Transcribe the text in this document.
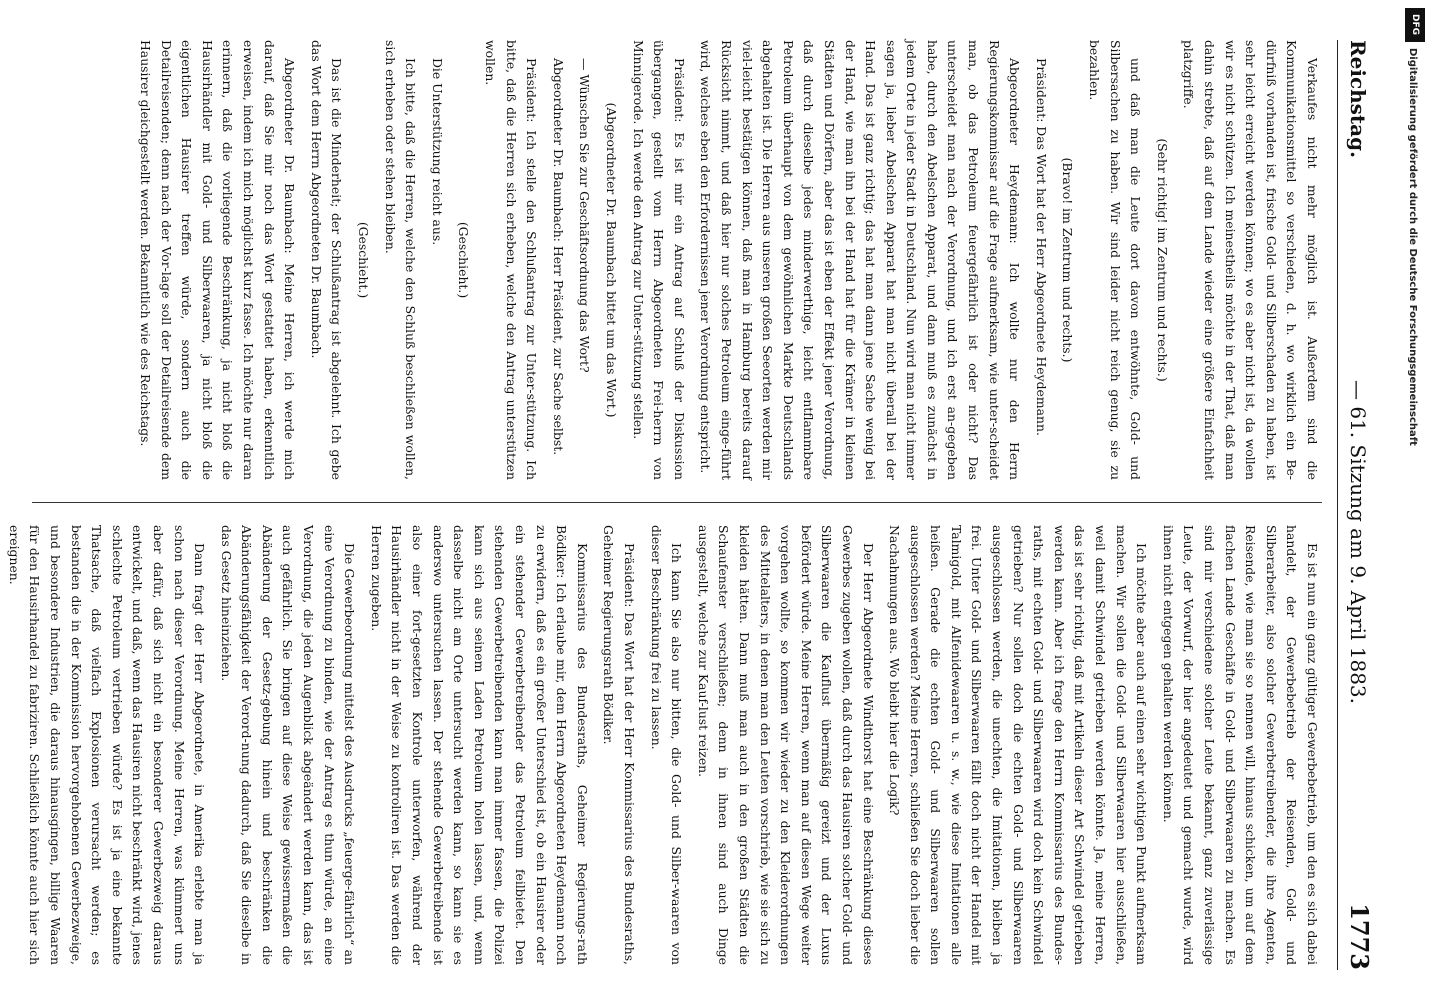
Reichstag.
— 61. Sitzung am 9. April 1883.
1773

Verkaufes nicht mehr möglich ist. Außerdem sind die Kommunikationsmittel so verschieden, d. h. wo wirklich ein Be-dürfniß vorhanden ist, frische Gold- und Silberschaden zu haben, ist sehr leicht erreicht werden können; wo es aber nicht ist, da wollen wir es nicht schützen. Ich meinestheils möchte in der That, daß man dahin strebte, daß auf dem Lande wieder eine größere Einfachheit platzgriffe.

(Sehr richtig! im Zentrum und rechts.)

und daß man die Leute dort davon entwöhnte, Gold- und Silbersachen zu haben. Wir sind leider nicht reich genug, sie zu bezahlen.

(Bravo! im Zentrum und rechts.)

Präsident: Das Wort hat der Herr Abgeordnete Heydemann.

Abgeordneter Heydemann: Ich wollte nur den Herrn Regierungskommissar auf die Frage aufmerksam, wie unter-scheidet man, ob das Petroleum feuergefährlich ist oder nicht? Das unterscheidet man nach der Verordnung, und ich erst an-gegeben habe, durch den Abelschen Apparat, und dann muß es zunächst in jedem Orte in jeder Stadt in Deutschland. Nun wird man nicht immer sagen ja, lieber Abelschen Apparat hat man nicht überall bei der Hand. Das ist ganz richtig; das hat man dann jene Sache wenig bei der Hand, wie man ihn bei der Hand hat für die Krämer in kleinen Städten und Dörfern, aber das ist eben der Effekt jener Verordnung, daß durch dieselbe jedes minderwerthige, leicht entflammbare Petroleum überhaupt von dem gewöhnlichen Markte Deutschlands abgehalten ist. Die Herren aus unseren großen Seeorten werden mir viel-leicht bestätigen können, daß man in Hamburg bereits darauf Rücksicht nimmt, und daß hier nur solches Petroleum einge-führt wird, welches eben den Erfordernissen jener Verordnung entspricht.

Präsident: Es ist mir ein Antrag auf Schluß der Diskussion übergangen, gestellt vom Herrn Abgeordneten Frei-herrn von Minnigerode. Ich werde den Antrag zur Unter-stützung stellen.

(Abgeordneter Dr. Baumbach bittet um das Wort.)

— Wünschen Sie zur Geschäftsordnung das Wort?

Abgeordneter Dr. Baumbach: Herr Präsident, zur Sache selbst.

Präsident: Ich stelle den Schlußantrag zur Unter-stützung. Ich bitte, daß die Herren sich erheben, welche den Antrag unterstützen wollen.

(Geschieht.)

Die Unterstützung reicht aus.

Ich bitte, daß die Herren, welche den Schluß beschließen wollen, sich erheben oder stehen bleiben.

(Geschieht.)

Das ist die Minderheit; der Schlußantrag ist abgelehnt. Ich gebe das Wort dem Herrn Abgeordneten Dr. Baumbach.

Abgeordneter Dr. Baumbach: Meine Herren, ich werde mich darauf, daß Sie mir noch das Wort gestattet haben, erkenntlich erweisen, indem ich mich möglichst kurz fasse. Ich möchte nur daran erinnern, daß die vorliegende Beschränkung, ja nicht bloß die Hausirhändler mit Gold- und Silberwaaren, ja nicht bloß die eigentlichen Hausirer treffen würde, sondern auch die Detailreisenden; denn nach der Vor-lage soll der Detailreisende dem Hausirer gleichgestellt werden. Bekanntlich wie des Reichstags.

Es ist nun ein ganz gültiger Gewerbebetrieb, um den es sich dabei handelt, der Gewerbebetrieb der Reisenden, Gold- und Silberarbeiter, also solcher Gewerbetreibender, die ihre Agenten, Reisende, wie man sie so nennen will, hinaus schicken, um auf dem flachen Lande Geschäfte in Gold- und Silberwaaren zu machen. Es sind mir verschiedene solcher Leute bekannt, ganz zuverlässige Leute, der Vorwurf, der hier angedeutet und gemacht wurde, wird ihnen nicht entgegen gehalten werden können.

Ich möchte aber auch auf einen sehr wichtigen Punkt aufmerksam machen. Wir sollen die Gold- und Silberwaaren hier ausschließen, weil damit Schwindel getrieben werden könnte. Ja, meine Herren, das ist sehr richtig, daß mit Artikeln dieser Art Schwindel getrieben werden kann. Aber ich frage den Herrn Kommissarius des Bundes-raths, mit echten Gold- und Silberwaaren wird doch kein Schwindel getrieben? Nur sollen doch die echten Gold- und Silberwaaren ausgeschlossen werden, die unechten, die Imitationen, bleiben ja frei. Unter Gold- und Silberwaaren fällt doch nicht der Handel mit Talmigold, mit Alfenidewaaren u. s. w., wie diese Imitationen alle heißen. Gerade die echten Gold- und Silberwaaren sollen ausgeschlossen werden? Meine Herren, schließen Sie doch lieber die Nachahmungen aus. Wo bleibt hier die Logik?

Der Herr Abgeordnete Windthorst hat eine Beschränkung dieses Gewerbes zugeben wollen, daß durch das Hausiren solcher Gold- und Silberwaaren die Kauflust übermäßig gereizt und der Luxus befördert würde. Meine Herren, wenn man auf diesen Wege weiter vorgehen wollte, so kommen wir wieder zu den Kleiderordnungen des Mittelalters, in denen man den Leuten vorschrieb, wie sie sich zu kleiden hätten. Dann muß man auch in den großen Städten die Schaufenster verschließen; denn in ihnen sind auch Dinge ausgestellt, welche zur Kauf-lust reizen.

Ich kann Sie also nur bitten, die Gold- und Silber-waaren von dieser Beschränkung frei zu lassen.

Präsident: Das Wort hat der Herr Kommissarius des Bundesraths, Geheimer Regierungsrath Bödiker.

Kommissarius des Bundesraths, Geheimer Regierungs-rath Bödiker: Ich erlaube mir, dem Herrn Abgeordneten Heydemann noch zu erwidern, daß es ein großer Unterschied ist, ob ein Hausirer oder ein stehender Gewerbetreibender das Petroleum feilbietet. Den stehenden Gewerbetreibenden kann man immer fassen, die Polizei kann sich aus seinem Laden Petroleum holen lassen, und, wenn dasselbe nicht am Orte untersucht werden kann, so kann sie es anderswo untersuchen lassen. Der stehende Gewerbetreibende ist also einer fort-gesetzten Kontrole unterworfen, während der Hausirhändler nicht in der Weise zu kontroliren ist. Das werden die Herren zugeben.

Die Gewerbeordnung mittelst des Ausdrucks „feuerge-fährlich“ an eine Verordnung zu binden, wie der Antrag es thun würde, an eine Verordnung, die jeden Augenblick abgeändert werden kann, das ist auch gefährlich. Sie bringen auf diese Weise gewissermaßen die Abänderung der Gesetz-gebung hinein und beschränken die Abänderungsfähigkeit der Verord-nung dadurch, daß Sie dieselbe in das Gesetz hineinziehen.

Dann fragt der Herr Abgeordnete, in Amerika erlebte man ja schon nach dieser Verordnung. Meine Herren, was kümmert uns aber dafür, daß sich nicht ein besonderer Gewerbezweig daraus entwickelt, und daß, wenn das Hausiren nicht beschränkt wird, jenes schlechte Petroleum vertrieben würde? Es ist ja eine bekannte Thatsache, daß vielfach Explosionen verursacht werden; es bestanden die in der Kommission hervorgehobenen Gewerbezweige, und besondere Industrien, die daraus hinausgingen, billige Waaren für den Hausirhandel zu fabriziren. Schließlich könnte auch hier sich ereignen.

DFG
Digitalisierung gefördert durch die Deutsche Forschungsgemeinschaft
